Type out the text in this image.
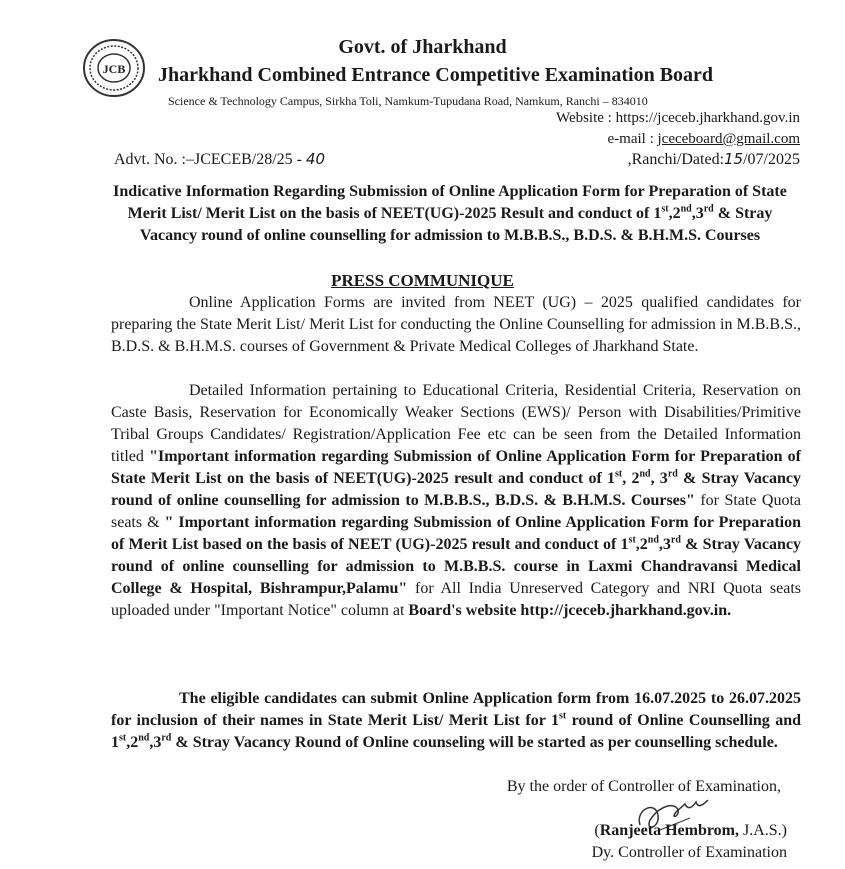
JCB
Govt. of Jharkhand
Jharkhand Combined Entrance Competitive Examination Board
Science & Technology Campus, Sirkha Toli, Namkum-Tupudana Road, Namkum, Ranchi – 834010
Website : https://jceceb.jharkhand.gov.in
e-mail : jceceboard@gmail.com
Advt. No. :–JCECEB/28/25 - 40	,Ranchi/Dated:15/07/2025
Indicative Information Regarding Submission of Online Application Form for Preparation of State Merit List/ Merit List on the basis of NEET(UG)-2025 Result and conduct of 1st,2nd,3rd & Stray Vacancy round of online counselling for admission to M.B.B.S., B.D.S. & B.H.M.S. Courses
PRESS COMMUNIQUE
Online Application Forms are invited from NEET (UG) – 2025 qualified candidates for preparing the State Merit List/ Merit List for conducting the Online Counselling for admission in M.B.B.S., B.D.S. & B.H.M.S. courses of Government & Private Medical Colleges of Jharkhand State.
Detailed Information pertaining to Educational Criteria, Residential Criteria, Reservation on Caste Basis, Reservation for Economically Weaker Sections (EWS)/ Person with Disabilities/Primitive Tribal Groups Candidates/ Registration/Application Fee etc can be seen from the Detailed Information titled "Important information regarding Submission of Online Application Form for Preparation of State Merit List on the basis of NEET(UG)-2025 result and conduct of 1st, 2nd, 3rd & Stray Vacancy round of online counselling for admission to M.B.B.S., B.D.S. & B.H.M.S. Courses" for State Quota seats & " Important information regarding Submission of Online Application Form for Preparation of Merit List based on the basis of NEET (UG)-2025 result and conduct of 1st,2nd,3rd & Stray Vacancy round of online counselling for admission to M.B.B.S. course in Laxmi Chandravansi Medical College & Hospital, Bishrampur,Palamu" for All India Unreserved Category and NRI Quota seats uploaded under "Important Notice" column at Board's website http://jceceb.jharkhand.gov.in.
The eligible candidates can submit Online Application form from 16.07.2025 to 26.07.2025 for inclusion of their names in State Merit List/ Merit List for 1st round of Online Counselling and 1st,2nd,3rd & Stray Vacancy Round of Online counseling will be started as per counselling schedule.
By the order of Controller of Examination,
(Ranjeeta Hembrom, J.A.S.)
Dy. Controller of Examination
